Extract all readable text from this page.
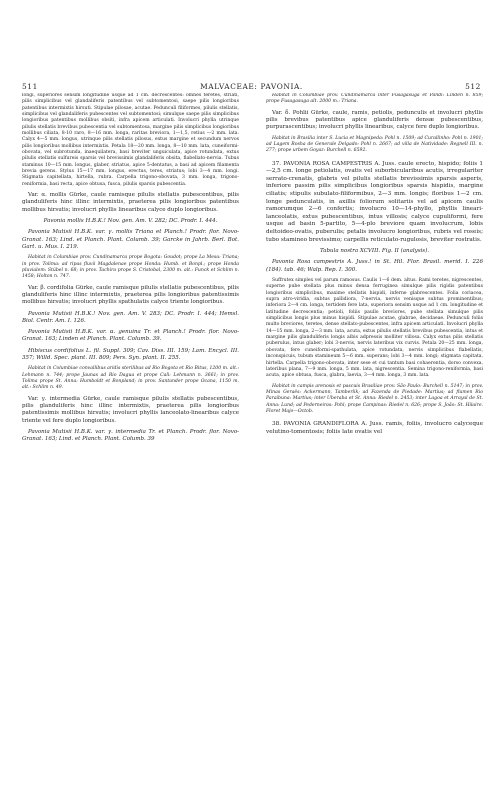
511	MALVACEAE: PAVONIA.	512

longi, superiores sensim longitudine usque ad 1 cm. decrescentes: omnes teretes, striati, pilis simplicibus vel glandaliferis patentibus vel subtomentosi, saepe pilis longioribus patentibus intermixtis hirsuti. Stipulae pilosae, acutae. Pedunculi filiformes, pilulis stellatis, simplicibus vel glandaliferis pubescentes vel subtomentosi; simulque saepe pilis simplicibus longioribus patentibus mollibus obsiti, infra apicem articulati. Involucri phylla utrinque pilulis stellatis brevibus pubescentia vel subtomentosa, margine pilis simplicibus longioribus mollibus ciliata, 8-10 raro, 8—16 mm. longa, raritas breviora, 1—1,5, retius —2 mm. lata. Calyx 4—5 mm. longus, utrinque pilis stellatis pilosus, extus margine et secundum nervos pilis longioribus mollibus intermixtis. Petala 18—20 mm. longa, 8—10 mm. lata, cuneiformi-obovata, vel subrotunda, inaequilatera, basi breviter unguiculata, apice rotundata, extus pilulis stellatis sulfureis sparsis vel brevissimis glandaliferis obsita, flabellato-nervia. Tubus staminus 10—15 mm. longus, glaber, striatus, apice 5-dentatus, a basi ad apicem filamenta brevia gerens. Stylus 15—17 mm. longus, erectus, teres, striatus; lobi 3—4 mm. longi. Stigmata capitellata, hirtella, rubra. Carpella trigono-obovata, 3 mm. longa, trigono-reniformia, basi recta, apice obtusa, fusca, pilulis sparsis pubescentia.

Var. α. mollis Gürke, caule ramisque pilulis stellatis pubescentibus, pilis glanduliferis hinc illinc intermixtis, praeterea pilis longioribus patentibus mollibus hirsutis; involucri phyllis linearibus calyce duplo longioribus.

Pavonia mollis H.B.K.! Nov. gen. Am. V. 282; DC. Prodr. I. 444.

Pavonia Mutisii H.B.K. var. γ. mollis Triana et Planch.! Prodr. flor. Novo-Granat. 163; Lind. et Planch. Plant. Columb. 39; Garcke in Jahrb. Berl. Bot. Gart. u. Mus. I. 219.

Habitat in Columbiae prov. Cundinamarca prope Bogota: Goudot; prope La Mesa: Triana; in prov. Tolima: ad ripas fluvii Magdalenae prope Honda: Humb. et Bonpl.; prope Honda pluvialem: Stübel n. 68; in prov. Tachira prope S. Cristobal, 2300 m. alt.: Funck et Schlim n. 1458; Holton n. 747.

Var. β. cordifolia Gürke, caule ramisque pilulis stellatis pubescentibus, pilis glanduliferis hinc illinc intermixtis, praeterea pilis longioribus patentissimis mollibus hirsutis; involucri phyllis spathulatis calyce triente longioribus.

Pavonia Mutisii H.B.K.! Nov. gen. Am. V. 283; DC. Prodr. I. 444; Hemsl. Biol. Centr. Am. I. 126.

Pavonia Mutisii H.B.K. var. α. genuina Tr. et Planch.! Prodr. flor. Novo-Granat. 163; Linden et Planch. Plant. Columb. 39.

Hibiscus cordifolius L. fil. Suppl. 309; Cav. Diss. III. 159; Lam. Encycl. III. 357; Willd. Spec. plant. III. 809; Pers. Syn. plant. II. 255.

Habitat in Columbiae convallibus aridis sterilibus ad Rio Bogota et Rio Bitus, 1200 m. alt.: Lehmann n. 744; prope Jaunas ad Rio Dagua et prope Cali: Lehmann n. 3661; in prov. Tolima prope St. Anna: Humboldt et Bonpland; in prov. Santander prope Ocana, 1150 m. alt.: Schlim n. 49.

Var. γ. intermedia Gürke, caule ramisque pilulis stellatis pubescentibus, pilis glanduliferis hinc illinc intermixtis, praeterea pilis longioribus patentissimis mollibus hirsutis; involucri phyllis lanceolato-linearibus calyce triente vel fere duplo longioribus.

Pavonia Mutisii H.B.K. var. γ. intermedia Tr. et Planch. Prodr. flor. Novo-Granat. 163; Lind. et Planch. Plant. Columb. 39

Habitat in Columbiae prov. Cundinamarca inter Fusagasuga et Pandi: Linden n. 859; prope Fusagasuga alt. 2000 m.: Triana.

Var. δ. Pohlii Gürke, caule, ramis, petiolis, pedunculis et involucri phyllis pilis brevibus patentibus apice glanduliferis densæ pubescentibus, purpurascentibus; involucri phyllis linearibus, calyce fere duplo longioribus.

Habitat in Brasilia inter S. Lucia et Magnipeda: Pohl n. 1509; ad Curallinho: Pohl n. 1901; ad Lagem Rosha de Generale Delgado: Pohl n. 2667; ad villa de Natividade: Regnell III. n. 277; prope urbem Goyaz: Burchell n. 6592.

37. PAVONIA ROSA CAMPESTRIS A. Juss. caule erecto, hispido; foliis 1—2,5 cm. longe petiolatis, ovatis vel suborbicularibus acutis, irregulariter serrato-crenatis, glabris vel pilulis stellatis brevissimis sparsis asperis, inferiore passim pilis simplicibus longioribus sparsis hispidis, margine ciliatis; stipulis subulato-filiformibus, 2—3 mm. longis; floribus 1—2 cm. longe pedunculatis, in axillis foliorum solitariis vel ad apicem caulis ramorumque 2—6 confertis; involucro 10—14-phyllo, phyllis lineari-lanceolatis, extus pubescentibus, intus villosis; calyce cupuliformi, fere usque ad basin 5-partito, 5—4-plo breviore quam involucrum, lobis deltoideo-ovatis, puberulis; petalis involucro longioribus, rubris vel roseis; tubo stamineo brevissimo; carpellis reticulato-rugulosis, breviter rostratis.

Tabula nostra XCVIII. Fig. II (analysis).

Pavonia Rosa campestris A. Juss.! in St. Hil. Flor. Brasil. merid. I. 226 (184). tab. 46; Walp. Rep. I. 300.

Suffrutex simplex vel parum ramosus. Caulis 1—6 dem. altus. Rami teretes, nigrescentes, superne pube stellata plus minus densa ferruginea simulque pilis rigidis patentibus longioribus simplicibus, maxime stellatis hispidi, inferne glabrescentes. Folia coriacea, supra atro-viridia, subtus pallidiora, 7-nervia, nervis venisque subtus prominentibus; inferiora 2—4 cm. longa, tertidem fere lata, superiora sensim usque ad 1 cm. longitudine et latitudine decrescentia; petioli, foliis paullo breviores, pube stellata simulque pilis simplicibus longis plus minus hispidi. Stipulae acutae, glabrae, decidaeae. Pedunculi foliis multo breviores, teretes, dense stellato-pubescentes, infra apicem articulati. Involucri phylla 14—15 mm. longa, 2—3 mm. lata, acuta, extus pilulis stellatis brevibus pubescentia, intus et margine pilis glanduliferis longis albis adpressis molliter villosa. Calyx extus pilis stellatis puberulus, intus glaber; lobi 3-nervis, nervis lateribus vix curvis. Petala 20—25 mm. longa, obovata, fere cuneiformi-spathulata, apice rotundata, nervis simplicibus flabellatis, inconspicuis, tubum stamineum 5—6 mm. superans; lobi 3—4 mm. longi; stigmata capitata, hirtella. Carpella trigono-obovata, inter sese et cui tantum basi cohaerentia, dorso convexa, lateribus plana, 7—9 mm. longa, 5 mm. lata, nigrescentia. Semina trigono-reniformia, basi acuta, apice obtusa, fusca, glabra, laevia, 3—4 mm. longa, 3 mm. lata.

Habitat in campis arenosis et pascuis Brasiliae prov. São Paulo: Burchell n. 5147; in prov. Minas Geraës: Ackermann, Tamberlik; ad Fazenda de Piedade: Martius; ad flumen Rio Paraibuna: Martius; inter Uberaba et St. Anna: Riedel n. 2453; inter Lagoa et Arrayal de St. Anna: Lund; ad Pederneiras: Pohl; prope Campinas: Riedel n. 626; prope S. João: St. Hilaire. Floret Majo—Octob.

38. PAVONIA GRANDIFLORA A. Juss. ramis, foliis, involucro calyceque velutino-tomentosis; foliis late ovatis vel
